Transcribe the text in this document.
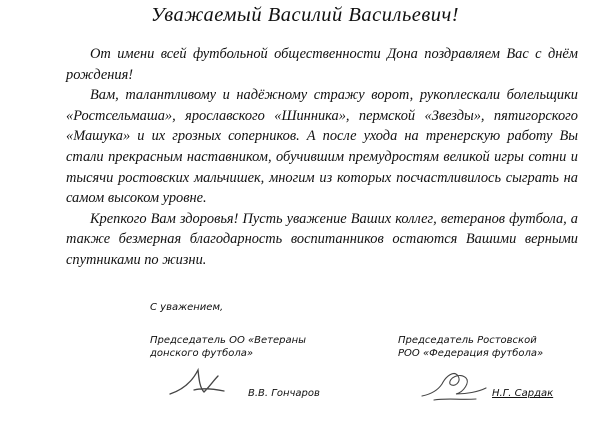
Уважаемый Василий Васильевич!

От имени всей футбольной общественности Дона поздравляем Вас с днём рождения!

Вам, талантливому и надёжному стражу ворот, рукоплескали болельщики «Ростсельмаша», ярославского «Шинника», пермской «Звезды», пятигорского «Машука» и их грозных соперников. А после ухода на тренерскую работу Вы стали прекрасным наставником, обучившим премудростям великой игры сотни и тысячи ростовских мальчишек, многим из которых посчастливилось сыграть на самом высоком уровне.

Крепкого Вам здоровья! Пусть уважение Ваших коллег, ветеранов футбола, а также безмерная благодарность воспитанников остаются Вашими верными спутниками по жизни.

С уважением,
Председатель ОО «Ветераны
донского футбола»
Председатель Ростовской
РОО «Федерация футбола»
В.В. Гончаров	Н.Г. Сардак
